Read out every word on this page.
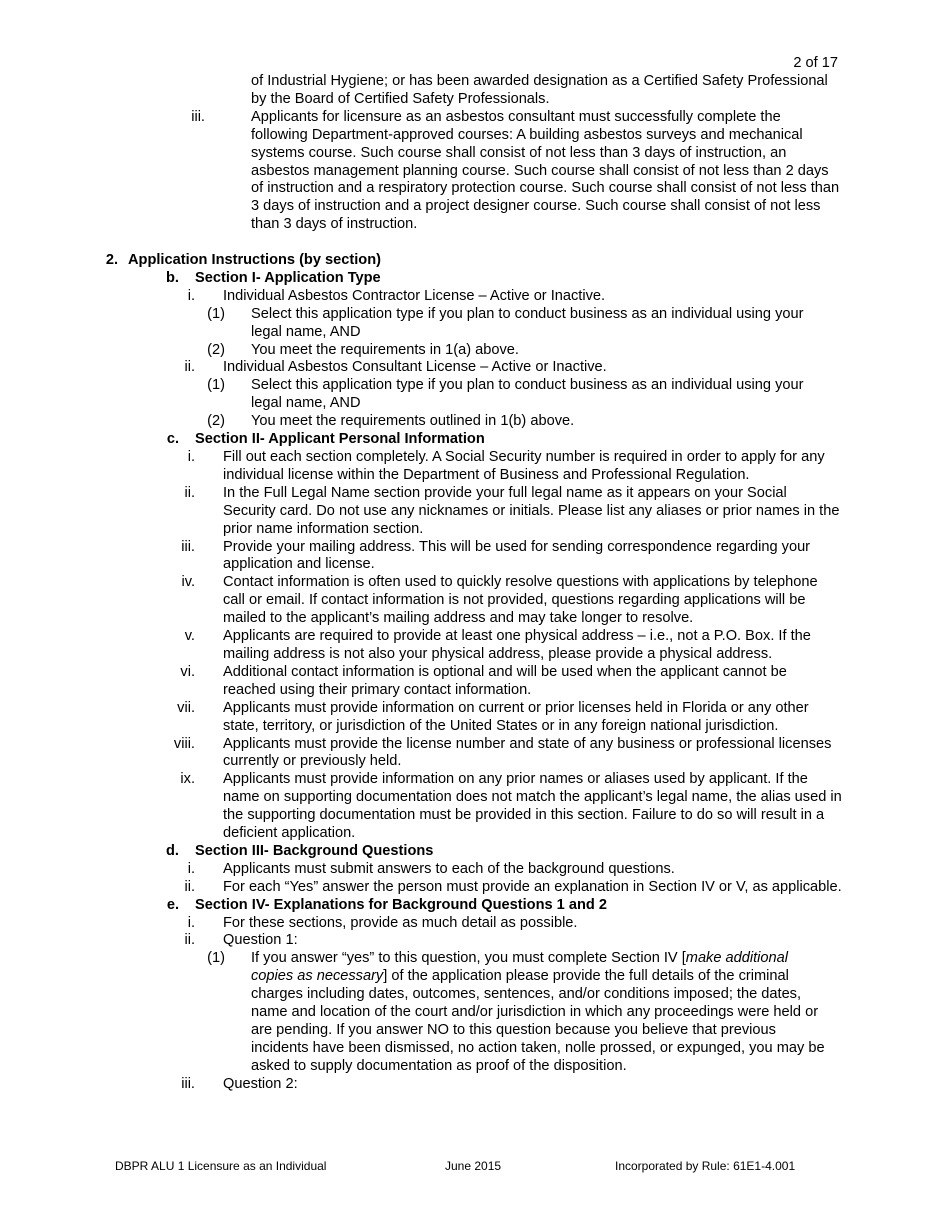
2 of 17
of Industrial Hygiene; or has been awarded designation as a Certified Safety Professional by the Board of Certified Safety Professionals.
iii.	Applicants for licensure as an asbestos consultant must successfully complete the following Department-approved courses: A building asbestos surveys and mechanical systems course. Such course shall consist of not less than 3 days of instruction, an asbestos management planning course. Such course shall consist of not less than 2 days of instruction and a respiratory protection course. Such course shall consist of not less than 3 days of instruction and a project designer course. Such course shall consist of not less than 3 days of instruction.
2. Application Instructions (by section)
b.	Section I- Application Type
i.	Individual Asbestos Contractor License – Active or Inactive.
(1)	Select this application type if you plan to conduct business as an individual using your legal name, AND
(2)	You meet the requirements in 1(a) above.
ii.	Individual Asbestos Consultant License – Active or Inactive.
(1)	Select this application type if you plan to conduct business as an individual using your legal name, AND
(2)	You meet the requirements outlined in 1(b) above.
c.	Section II- Applicant Personal Information
i.	Fill out each section completely. A Social Security number is required in order to apply for any individual license within the Department of Business and Professional Regulation.
ii.	In the Full Legal Name section provide your full legal name as it appears on your Social Security card. Do not use any nicknames or initials. Please list any aliases or prior names in the prior name information section.
iii.	Provide your mailing address. This will be used for sending correspondence regarding your application and license.
iv.	Contact information is often used to quickly resolve questions with applications by telephone call or email. If contact information is not provided, questions regarding applications will be mailed to the applicant’s mailing address and may take longer to resolve.
v.	Applicants are required to provide at least one physical address – i.e., not a P.O. Box. If the mailing address is not also your physical address, please provide a physical address.
vi.	Additional contact information is optional and will be used when the applicant cannot be reached using their primary contact information.
vii.	Applicants must provide information on current or prior licenses held in Florida or any other state, territory, or jurisdiction of the United States or in any foreign national jurisdiction.
viii.	Applicants must provide the license number and state of any business or professional licenses currently or previously held.
ix.	Applicants must provide information on any prior names or aliases used by applicant. If the name on supporting documentation does not match the applicant’s legal name, the alias used in the supporting documentation must be provided in this section. Failure to do so will result in a deficient application.
d.	Section III- Background Questions
i.	Applicants must submit answers to each of the background questions.
ii.	For each “Yes” answer the person must provide an explanation in Section IV or V, as applicable.
e.	Section IV- Explanations for Background Questions 1 and 2
i.	For these sections, provide as much detail as possible.
ii.	Question 1:
(1)	If you answer “yes” to this question, you must complete Section IV [make additional copies as necessary] of the application please provide the full details of the criminal charges including dates, outcomes, sentences, and/or conditions imposed; the dates, name and location of the court and/or jurisdiction in which any proceedings were held or are pending. If you answer NO to this question because you believe that previous incidents have been dismissed, no action taken, nolle prossed, or expunged, you may be asked to supply documentation as proof of the disposition.
iii.	Question 2:
DBPR ALU 1 Licensure as an Individual	June 2015	Incorporated by Rule: 61E1-4.001
